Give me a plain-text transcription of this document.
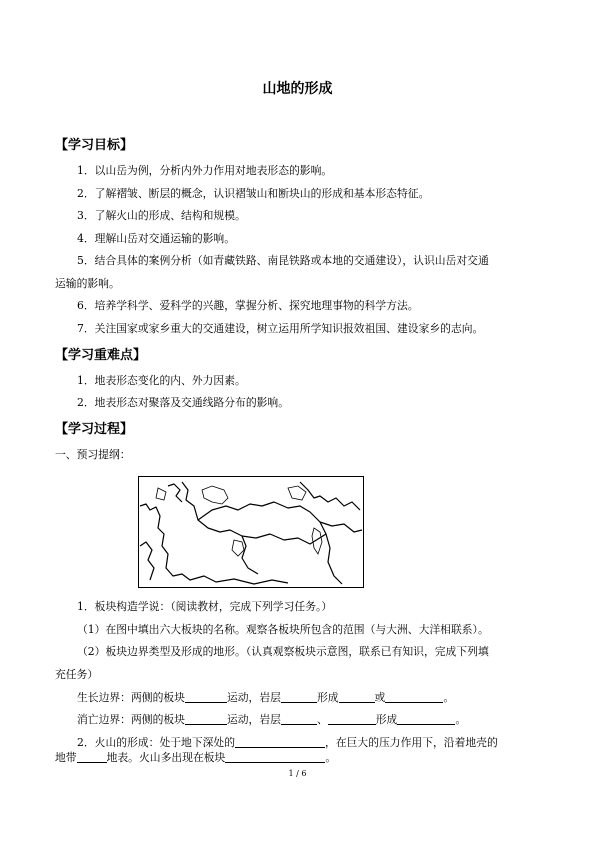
山地的形成
【学习目标】
1．以山岳为例，分析内外力作用对地表形态的影响。
2．了解褶皱、断层的概念，认识褶皱山和断块山的形成和基本形态特征。
3．了解火山的形成、结构和规模。
4．理解山岳对交通运输的影响。
5．结合具体的案例分析（如青藏铁路、南昆铁路或本地的交通建设），认识山岳对交通
运输的影响。
6．培养学科学、爱科学的兴趣，掌握分析、探究地理事物的科学方法。
7．关注国家或家乡重大的交通建设，树立运用所学知识报效祖国、建设家乡的志向。
【学习重难点】
1．地表形态变化的内、外力因素。
2．地表形态对聚落及交通线路分布的影响。
【学习过程】
一、预习提纲：
1．板块构造学说：（阅读教材，完成下列学习任务。）
（1）在图中填出六大板块的名称。观察各板块所包含的范围（与大洲、大洋相联系）。
（2）板块边界类型及形成的地形。（认真观察板块示意图，联系已有知识，完成下列填
充任务）
生长边界：两侧的板块	运动，岩层	形成	或	。
消亡边界：两侧的板块	运动，岩层	、	形成	。
2．火山的形成：处于地下深处的	，在巨大的压力作用下，沿着地壳的
地带	地表。火山多出现在板块	。
1 / 6
